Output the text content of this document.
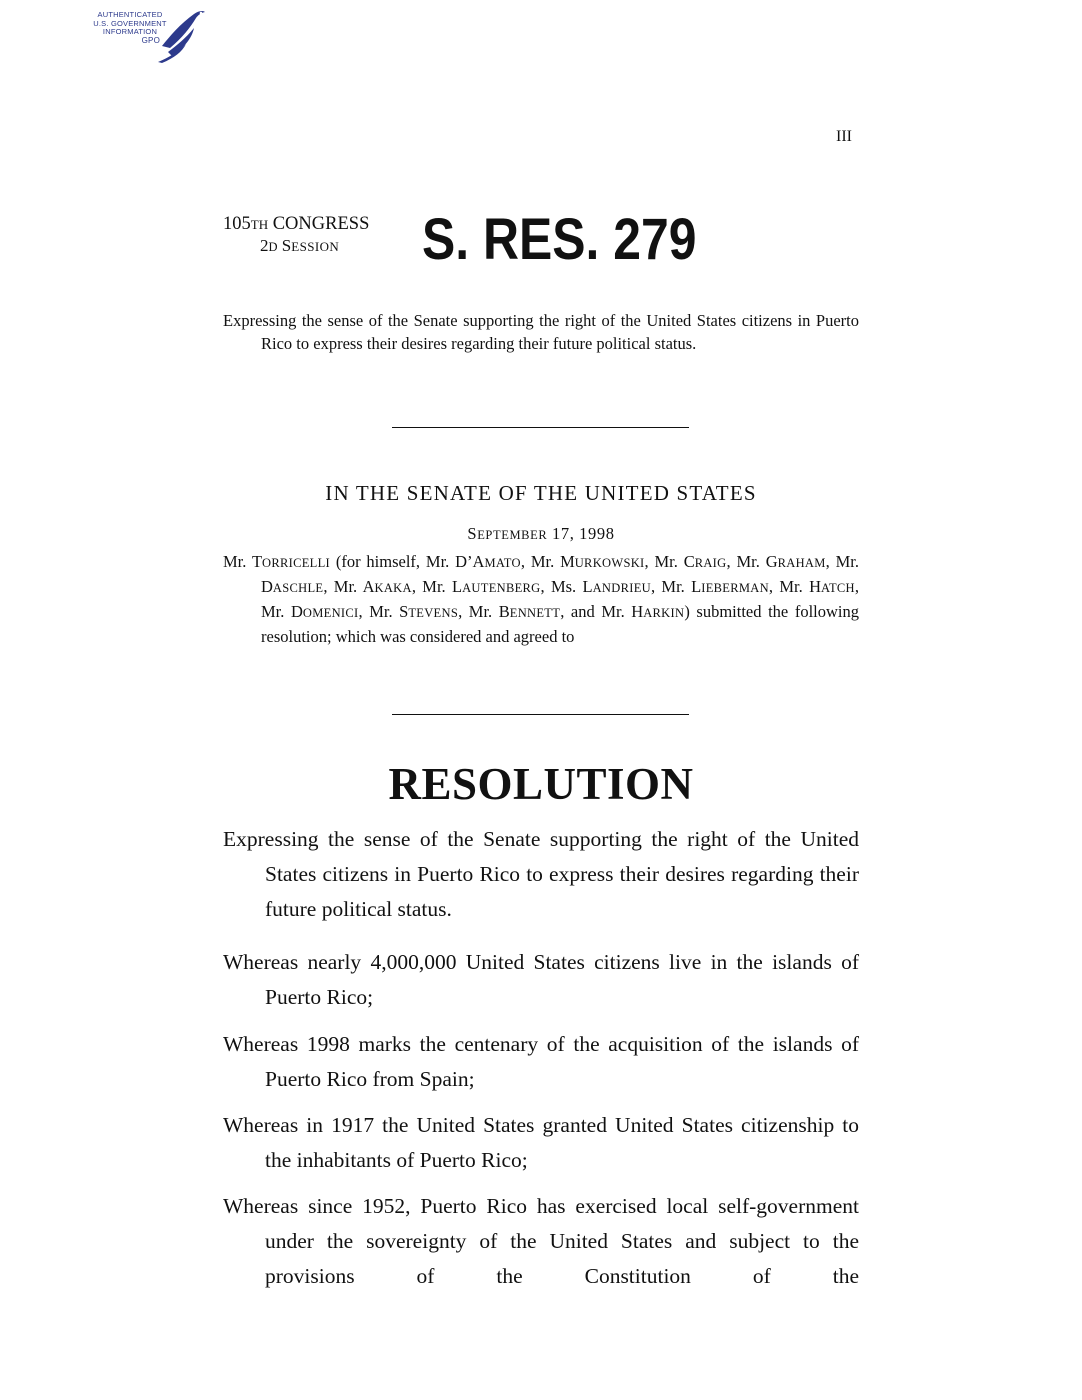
AUTHENTICATED
U.S. GOVERNMENT
INFORMATION
GPO
III
105TH CONGRESS
2D SESSION S. RES. 279
Expressing the sense of the Senate supporting the right of the United States citizens in Puerto Rico to express their desires regarding their future political status.
IN THE SENATE OF THE UNITED STATES
SEPTEMBER 17, 1998
Mr. TORRICELLI (for himself, Mr. D’AMATO, Mr. MURKOWSKI, Mr. CRAIG, Mr. GRAHAM, Mr. DASCHLE, Mr. AKAKA, Mr. LAUTENBERG, Ms. LANDRIEU, Mr. LIEBERMAN, Mr. HATCH, Mr. DOMENICI, Mr. STEVENS, Mr. BENNETT, and Mr. HARKIN) submitted the following resolution; which was considered and agreed to
RESOLUTION
Expressing the sense of the Senate supporting the right of the United States citizens in Puerto Rico to express their desires regarding their future political status.
Whereas nearly 4,000,000 United States citizens live in the islands of Puerto Rico;
Whereas 1998 marks the centenary of the acquisition of the islands of Puerto Rico from Spain;
Whereas in 1917 the United States granted United States citizenship to the inhabitants of Puerto Rico;
Whereas since 1952, Puerto Rico has exercised local self-government under the sovereignty of the United States and subject to the provisions of the Constitution of the
